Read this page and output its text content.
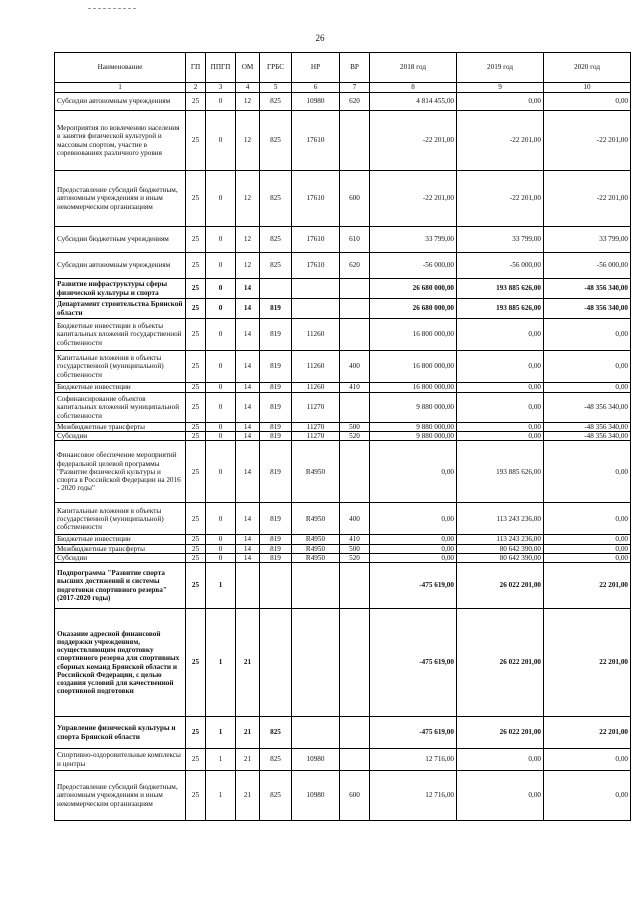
26
Наименование	ГП	ППГП	ОМ	ГРБС	НР	ВР	2018 год	2019 год	2020 год
1	2	3	4	5	6	7	8	9	10
Субсидии автономным учреждениям	25	0	12	825	10980	620	4 814 455,00	0,00	0,00
Мероприятия по вовлечению населения в занятия физической культурой и массовым спортом, участие в соревнованиях различного уровня	25	0	12	825	17610		-22 201,00	-22 201,00	-22 201,00
Предоставление субсидий бюджетным, автономным учреждениям и иным некоммерческим организациям	25	0	12	825	17610	600	-22 201,00	-22 201,00	-22 201,00
Субсидии бюджетным учреждениям	25	0	12	825	17610	610	33 799,00	33 799,00	33 799,00
Субсидии автономным учреждениям	25	0	12	825	17610	620	-56 000,00	-56 000,00	-56 000,00
Развитие инфраструктуры сферы физической культуры и спорта	25	0	14				26 680 000,00	193 885 626,00	-48 356 340,00
Департамент строительства Брянской области	25	0	14	819			26 680 000,00	193 885 626,00	-48 356 340,00
Бюджетные инвестиции в объекты капитальных вложений государственной собственности	25	0	14	819	11260		16 800 000,00	0,00	0,00
Капитальные вложения в объекты государственной (муниципальной) собственности	25	0	14	819	11260	400	16 800 000,00	0,00	0,00
Бюджетные инвестиции	25	0	14	819	11260	410	16 800 000,00	0,00	0,00
Софинансирование объектов капитальных вложений муниципальной собственности	25	0	14	819	11270		9 880 000,00	0,00	-48 356 340,00
Межбюджетные трансферты	25	0	14	819	11270	500	9 880 000,00	0,00	-48 356 340,00
Субсидии	25	0	14	819	11270	520	9 880 000,00	0,00	-48 356 340,00
Финансовое обеспечение мероприятий федеральной целевой программы "Развитие физической культуры и спорта в Российской Федерации на 2016 - 2020 годы"	25	0	14	819	R4950		0,00	193 885 626,00	0,00
Капитальные вложения в объекты государственной (муниципальной) собственности	25	0	14	819	R4950	400	0,00	113 243 236,00	0,00
Бюджетные инвестиции	25	0	14	819	R4950	410	0,00	113 243 236,00	0,00
Межбюджетные трансферты	25	0	14	819	R4950	500	0,00	80 642 390,00	0,00
Субсидии	25	0	14	819	R4950	520	0,00	80 642 390,00	0,00
Подпрограмма "Развитие спорта высших достижений и системы подготовки спортивного резерва" (2017-2020 годы)	25	1					-475 619,00	26 022 201,00	22 201,00
Оказание адресной финансовой поддержки учреждениям, осуществляющим подготовку спортивного резерва для спортивных сборных команд Брянской области и Российской Федерации, с целью создания условий для качественной спортивной подготовки	25	1	21				-475 619,00	26 022 201,00	22 201,00
Управление физической культуры и спорта Брянской области	25	1	21	825			-475 619,00	26 022 201,00	22 201,00
Спортивно-оздоровительные комплексы и центры	25	1	21	825	10980		12 716,00	0,00	0,00
Предоставление субсидий бюджетным, автономным учреждениям и иным некоммерческим организациям	25	1	21	825	10980	600	12 716,00	0,00	0,00
